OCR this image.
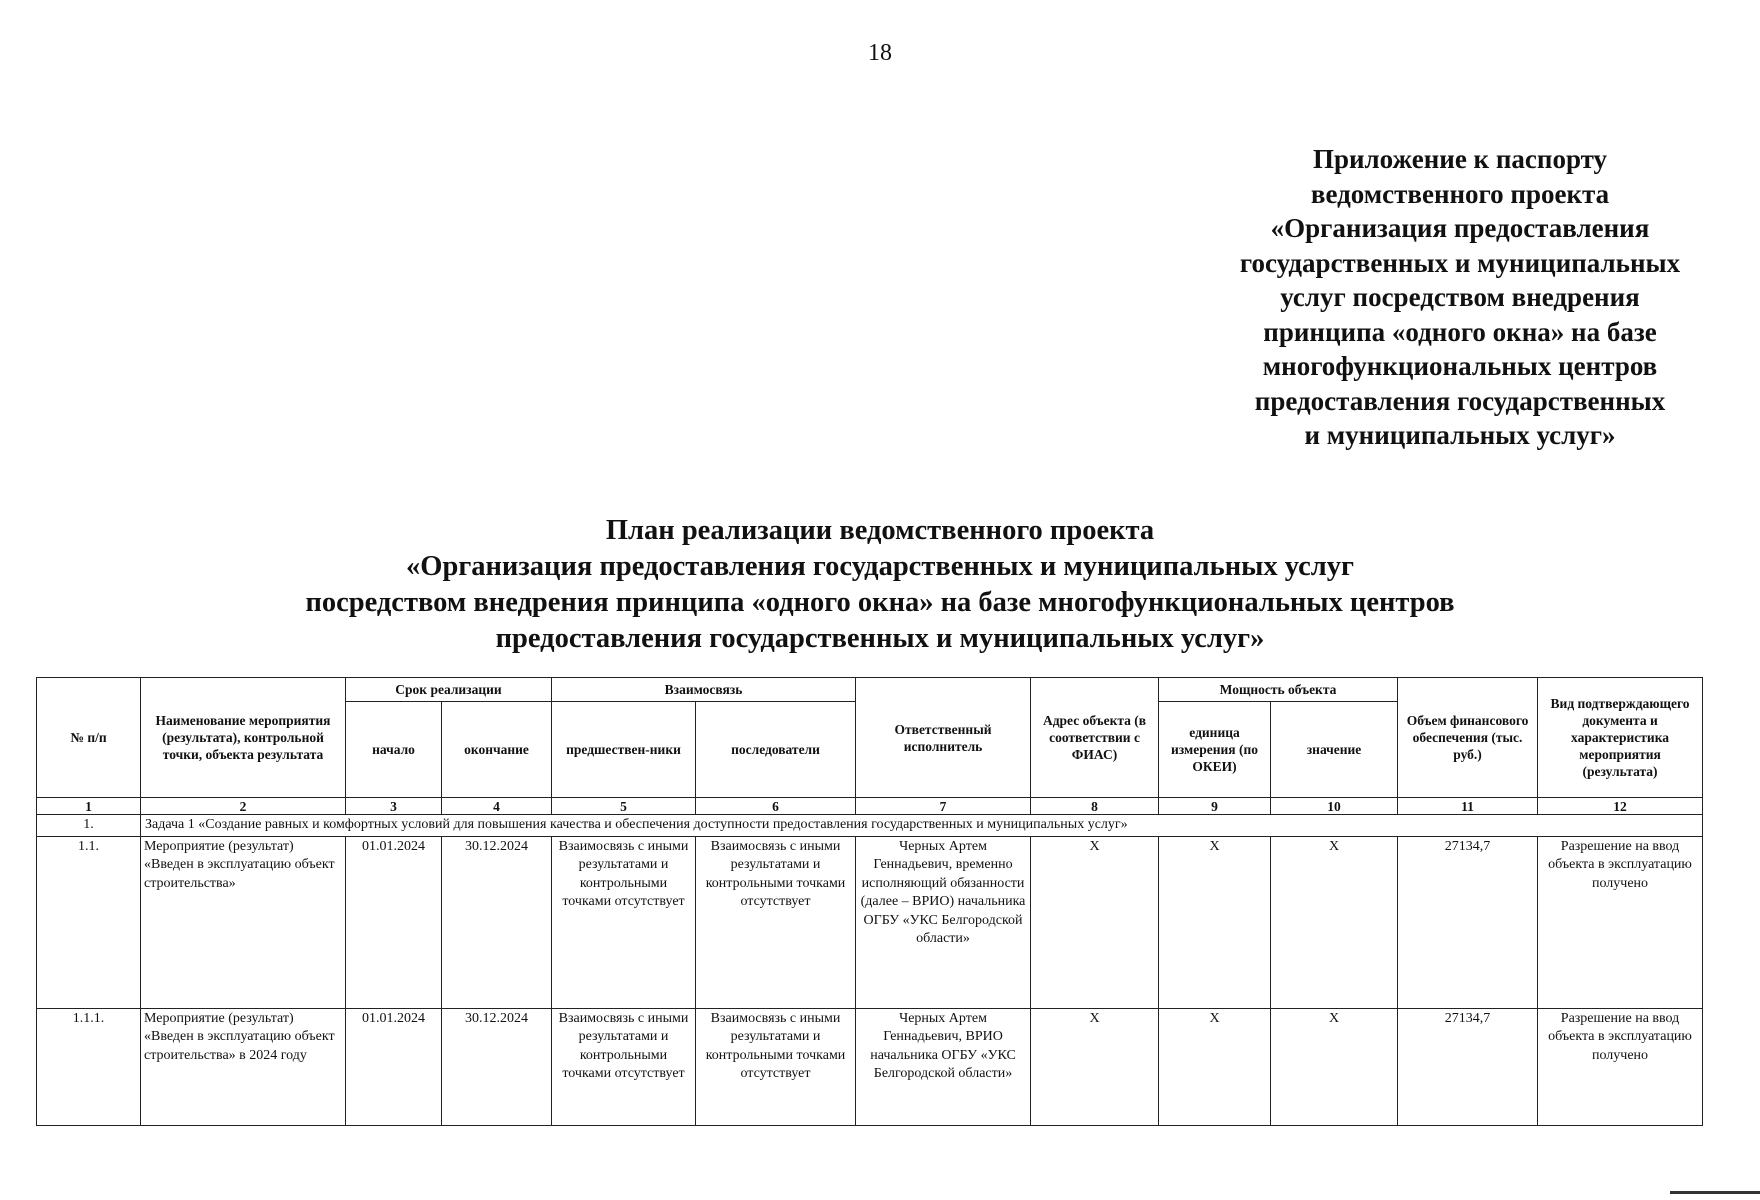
18
Приложение к паспорту
ведомственного проекта
«Организация предоставления
государственных и муниципальных
услуг посредством внедрения
принципа «одного окна» на базе
многофункциональных центров
предоставления государственных
и муниципальных услуг»
План реализации ведомственного проекта
«Организация предоставления государственных и муниципальных услуг
посредством внедрения принципа «одного окна» на базе многофункциональных центров
предоставления государственных и муниципальных услуг»
№ п/п	Наименование мероприятия (результата), контрольной точки, объекта результата	Срок реализации		Взаимосвязь		Ответственный исполнитель	Адрес объекта (в соответствии с ФИАС)	Мощность объекта		Объем финансового обеспечения (тыс. руб.)	Вид подтверждающего документа и характеристика мероприятия (результата)
		начало	окончание	предшествен-ники	последователи			единица измерения (по ОКЕИ)	значение		
1	2	3	4	5	6	7	8	9	10	11	12
1.	Задача 1 «Создание равных и комфортных условий для повышения качества и обеспечения доступности предоставления государственных и муниципальных услуг»										
1.1.	Мероприятие (результат) «Введен в эксплуатацию объект строительства»	01.01.2024	30.12.2024	Взаимосвязь с иными результатами и контрольными точками отсутствует	Взаимосвязь с иными результатами и контрольными точками отсутствует	Черных Артем Геннадьевич, временно исполняющий обязанности (далее – ВРИО) начальника ОГБУ «УКС Белгородской области»	Х	Х	Х	27134,7	Разрешение на ввод объекта в эксплуатацию получено
1.1.1.	Мероприятие (результат) «Введен в эксплуатацию объект строительства» в 2024 году	01.01.2024	30.12.2024	Взаимосвязь с иными результатами и контрольными точками отсутствует	Взаимосвязь с иными результатами и контрольными точками отсутствует	Черных Артем Геннадьевич, ВРИО начальника ОГБУ «УКС Белгородской области»	Х	Х	Х	27134,7	Разрешение на ввод объекта в эксплуатацию получено
